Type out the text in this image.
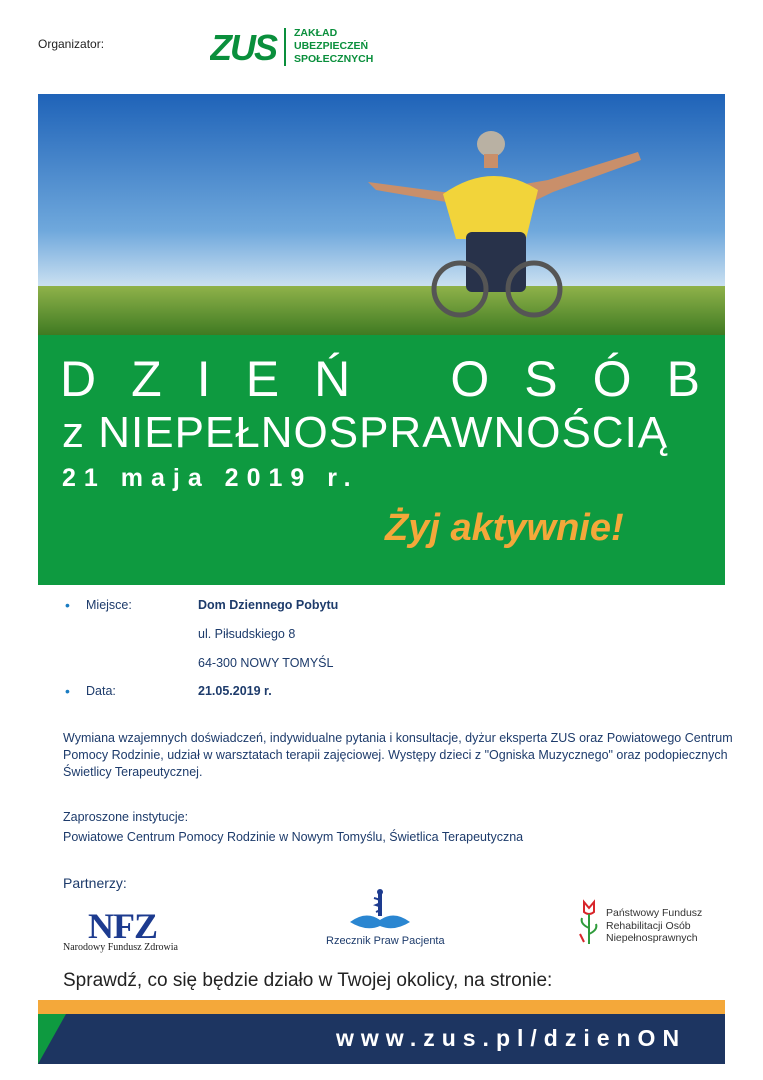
Organizator:	ZUS ZAKŁAD
UBEZPIECZEŃ
SPOŁECZNYCH
D Z I E Ń O S Ó B
z NIEPEŁNOSPRAWNOŚCIĄ
21 maja 2019 r.
Żyj aktywnie!
• Miejsce:	Dom Dziennego Pobytu
ul. Piłsudskiego 8
64-300 NOWY TOMYŚL
• Data:	21.05.2019 r.
Wymiana wzajemnych doświadczeń, indywidualne pytania i konsultacje, dyżur eksperta ZUS oraz Powiatowego Centrum Pomocy Rodzinie, udział w warsztatach terapii zajęciowej. Występy dzieci z "Ogniska Muzycznego" oraz podopiecznych Świetlicy Terapeutycznej.
Zaproszone instytucje:
Powiatowe Centrum Pomocy Rodzinie w Nowym Tomyślu, Świetlica Terapeutyczna
Partnerzy:
NFZ
Narodowy Fundusz Zdrowia
Rzecznik Praw Pacjenta
Państwowy Fundusz
Rehabilitacji Osób
Niepełnosprawnych
Sprawdź, co się będzie działo w Twojej okolicy, na stronie:
www.zus.pl/dzienON
